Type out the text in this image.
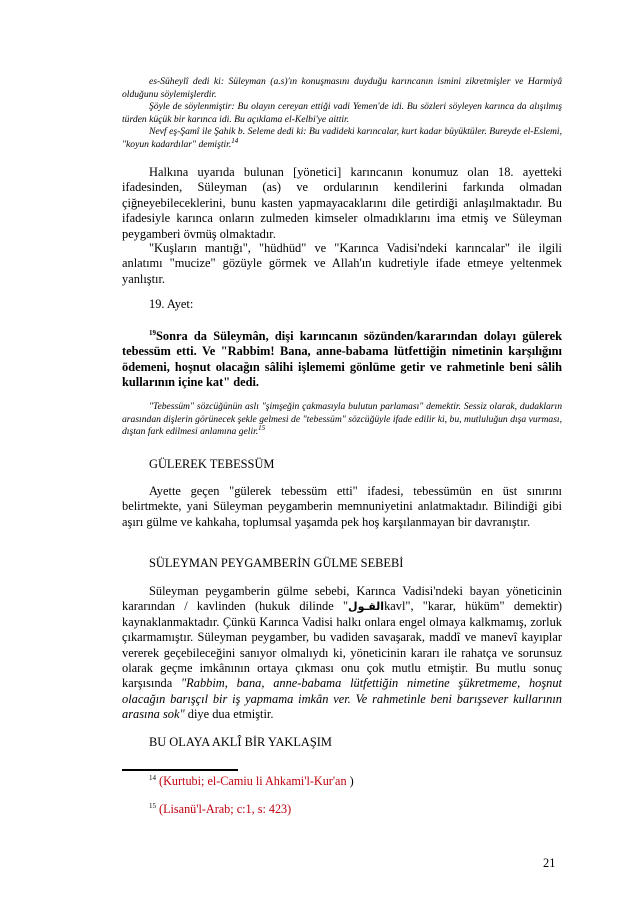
es-Süheylî dedi ki: Süleyman (a.s)'ın konuşmasını duyduğu karıncanın ismini zikretmişler ve Harmiyâ olduğunu söylemişlerdir.

Şöyle de söylenmiştir: Bu olayın cereyan ettiği vadi Yemen'de idi. Bu sözleri söyleyen karınca da alışılmış türden küçük bir karınca idi. Bu açıklama el-Kelbi'ye aittir.

Nevf eş-Şamî ile Şahik b. Seleme dedi ki: Bu vadideki karıncalar, kurt kadar büyüktüler. Bureyde el-Eslemi, "koyun kadardılar" demiştir.$^{14}$

Halkına uyarıda bulunan [yönetici] karıncanın konumuz olan 18. ayetteki ifadesinden, Süleyman (as) ve ordularının kendilerini farkında olmadan çiğneyebileceklerini, bunu kasten yapmayacaklarını dile getirdiği anlaşılmaktadır. Bu ifadesiyle karınca onların zulmeden kimseler olmadıklarını ima etmiş ve Süleyman peygamberi övmüş olmaktadır.

"Kuşların mantığı", "hüdhüd" ve "Karınca Vadisi'ndeki karıncalar" ile ilgili anlatımı "mucize" gözüyle görmek ve Allah'ın kudretiyle ifade etmeye yeltenmek yanlıştır.

19. Ayet:

$^{19}$Sonra da Süleymân, dişi karıncanın sözünden/kararından dolayı gülerek tebessüm etti. Ve "Rabbim! Bana, anne-babama lütfettiğin nimetinin karşılığını ödemeni, hoşnut olacağın sâlihi işlememi gönlüme getir ve rahmetinle beni sâlih kullarının içine kat" dedi.

"Tebessüm" sözcüğünün aslı "şimşeğin çakmasıyla bulutun parlaması" demektir. Sessiz olarak, dudakların arasından dişlerin görünecek şekle gelmesi de "tebessüm" sözcüğüyle ifade edilir ki, bu, mutluluğun dışa vurması, dıştan fark edilmesi anlamına gelir.$^{15}$

GÜLEREK TEBESSÜM

Ayette geçen "gülerek tebessüm etti" ifadesi, tebessümün en üst sınırını belirtmekte, yani Süleyman peygamberin memnuniyetini anlatmaktadır. Bilindiği gibi aşırı gülme ve kahkaha, toplumsal yaşamda pek hoş karşılanmayan bir davranıştır.

SÜLEYMAN PEYGAMBERİN GÜLME SEBEBİ

Süleyman peygamberin gülme sebebi, Karınca Vadisi'ndeki bayan yöneticinin kararından / kavlinden (hukuk dilinde "القـولkavl", "karar, hüküm" demektir) kaynaklanmaktadır. Çünkü Karınca Vadisi halkı onlara engel olmaya kalkmamış, zorluk çıkarmamıştır. Süleyman peygamber, bu vadiden savaşarak, maddî ve manevî kayıplar vererek geçebileceğini sanıyor olmalıydı ki, yöneticinin kararı ile rahatça ve sorunsuz olarak geçme imkânının ortaya çıkması onu çok mutlu etmiştir. Bu mutlu sonuç karşısında "Rabbim, bana, anne-babama lütfettiğin nimetine şükretmeme, hoşnut olacağın barışçıl bir iş yapmama imkân ver. Ve rahmetinle beni barışsever kullarının arasına sok" diye dua etmiştir.

BU OLAYA AKLÎ BİR YAKLAŞIM

$^{14}$ (Kurtubi; el-Camiu li Ahkami'l-Kur'an )
$^{15}$ (Lisanü'l-Arab; c:1, s: 423)
21
